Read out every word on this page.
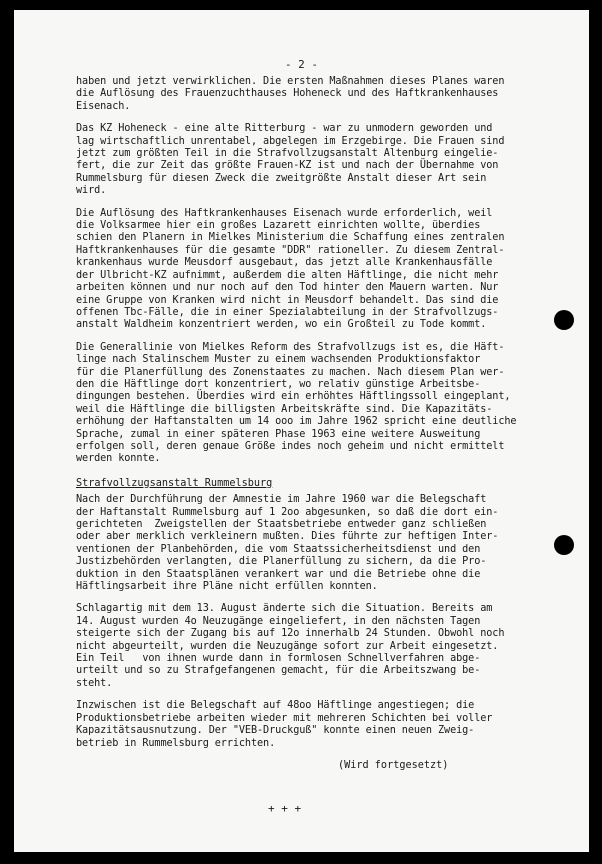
- 2 -

haben und jetzt verwirklichen. Die ersten Maßnahmen dieses Planes waren
die Auflösung des Frauenzuchthauses Hoheneck und des Haftkrankenhauses
Eisenach.

Das KZ Hoheneck - eine alte Ritterburg - war zu unmodern geworden und
lag wirtschaftlich unrentabel, abgelegen im Erzgebirge. Die Frauen sind
jetzt zum größten Teil in die Strafvollzugsanstalt Altenburg eingelie-
fert, die zur Zeit das größte Frauen-KZ ist und nach der Übernahme von
Rummelsburg für diesen Zweck die zweitgrößte Anstalt dieser Art sein
wird.

Die Auflösung des Haftkrankenhauses Eisenach wurde erforderlich, weil
die Volksarmee hier ein großes Lazarett einrichten wollte, überdies
schien den Planern in Mielkes Ministerium die Schaffung eines zentralen
Haftkrankenhauses für die gesamte "DDR" rationeller. Zu diesem Zentral-
krankenhaus wurde Meusdorf ausgebaut, das jetzt alle Krankenhausfälle
der Ulbricht-KZ aufnimmt, außerdem die alten Häftlinge, die nicht mehr
arbeiten können und nur noch auf den Tod hinter den Mauern warten. Nur
eine Gruppe von Kranken wird nicht in Meusdorf behandelt. Das sind die
offenen Tbc-Fälle, die in einer Spezialabteilung in der Strafvollzugs-
anstalt Waldheim konzentriert werden, wo ein Großteil zu Tode kommt.

Die Generallinie von Mielkes Reform des Strafvollzugs ist es, die Häft-
linge nach Stalinschem Muster zu einem wachsenden Produktionsfaktor
für die Planerfüllung des Zonenstaates zu machen. Nach diesem Plan wer-
den die Häftlinge dort konzentriert, wo relativ günstige Arbeitsbe-
dingungen bestehen. Überdies wird ein erhöhtes Häftlingssoll eingeplant,
weil die Häftlinge die billigsten Arbeitskräfte sind. Die Kapazitäts-
erhöhung der Haftanstalten um 14 ooo im Jahre 1962 spricht eine deutliche
Sprache, zumal in einer späteren Phase 1963 eine weitere Ausweitung
erfolgen soll, deren genaue Größe indes noch geheim und nicht ermittelt
werden konnte.

Strafvollzugsanstalt Rummelsburg

Nach der Durchführung der Amnestie im Jahre 1960 war die Belegschaft
der Haftanstalt Rummelsburg auf 1 2oo abgesunken, so daß die dort ein-
gerichteten  Zweigstellen der Staatsbetriebe entweder ganz schließen
oder aber merklich verkleinern mußten. Dies führte zur heftigen Inter-
ventionen der Planbehörden, die vom Staatssicherheitsdienst und den
Justizbehörden verlangten, die Planerfüllung zu sichern, da die Pro-
duktion in den Staatsplänen verankert war und die Betriebe ohne die
Häftlingsarbeit ihre Pläne nicht erfüllen konnten.

Schlagartig mit dem 13. August änderte sich die Situation. Bereits am
14. August wurden 4o Neuzugänge eingeliefert, in den nächsten Tagen
steigerte sich der Zugang bis auf 12o innerhalb 24 Stunden. Obwohl noch
nicht abgeurteilt, wurden die Neuzugänge sofort zur Arbeit eingesetzt.
Ein Teil   von ihnen wurde dann in formlosen Schnellverfahren abge-
urteilt und so zu Strafgefangenen gemacht, für die Arbeitszwang be-
steht.

Inzwischen ist die Belegschaft auf 48oo Häftlinge angestiegen; die
Produktionsbetriebe arbeiten wieder mit mehreren Schichten bei voller
Kapazitätsausnutzung. Der "VEB-Druckguß" konnte einen neuen Zweig-
betrieb in Rummelsburg errichten.

(Wird fortgesetzt)
+ + +
